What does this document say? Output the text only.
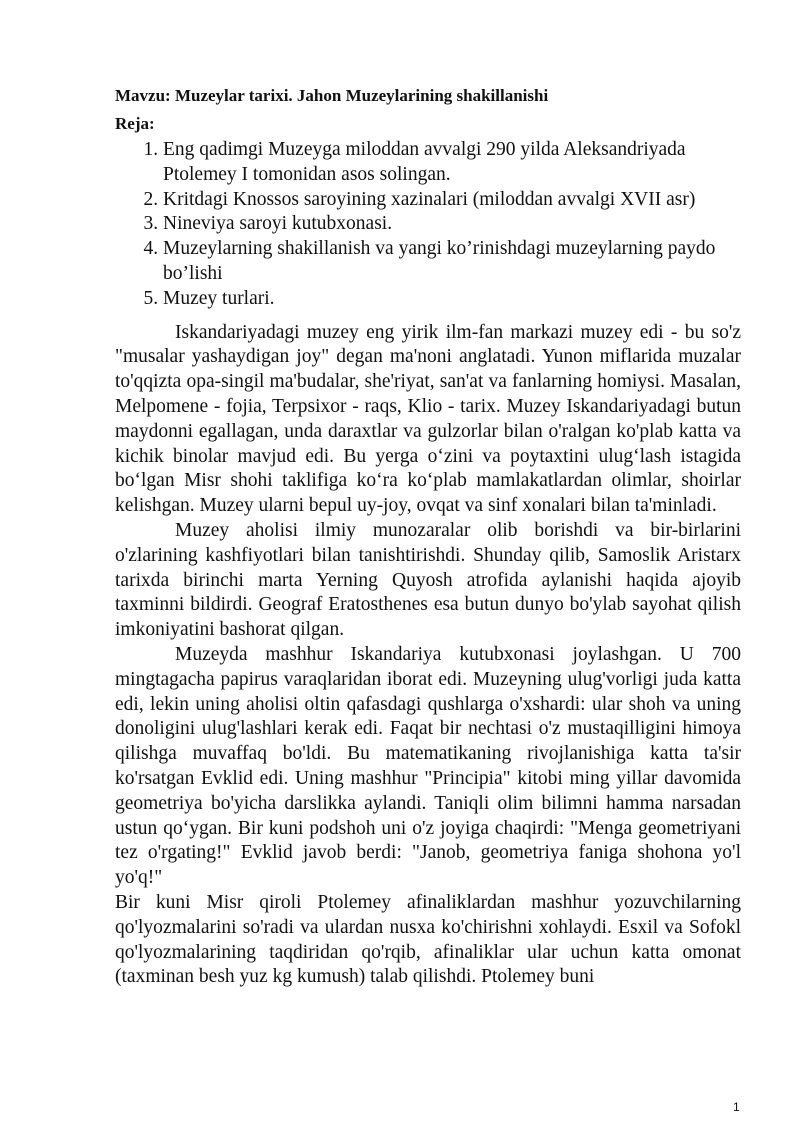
Mavzu: Muzeylar tarixi. Jahon Muzeylarining shakillanishi

Reja:

1. Eng qadimgi Muzeyga miloddan avvalgi 290 yilda Aleksandriyada Ptolemey I tomonidan asos solingan.
2. Kritdagi Knossos saroyining xazinalari (miloddan avvalgi XVII asr)
3. Nineviya saroyi kutubxonasi.
4. Muzeylarning shakillanish va yangi ko’rinishdagi muzeylarning paydo bo’lishi
5. Muzey turlari.

Iskandariyadagi muzey eng yirik ilm-fan markazi muzey edi - bu so'z "musalar yashaydigan joy" degan ma'noni anglatadi. Yunon miflarida muzalar to'qqizta opa-singil ma'budalar, she'riyat, san'at va fanlarning homiysi. Masalan, Melpomene - fojia, Terpsixor - raqs, Klio - tarix. Muzey Iskandariyadagi butun maydonni egallagan, unda daraxtlar va gulzorlar bilan o'ralgan ko'plab katta va kichik binolar mavjud edi. Bu yerga o‘zini va poytaxtini ulug‘lash istagida bo‘lgan Misr shohi taklifiga ko‘ra ko‘plab mamlakatlardan olimlar, shoirlar kelishgan. Muzey ularni bepul uy-joy, ovqat va sinf xonalari bilan ta'minladi.

Muzey aholisi ilmiy munozaralar olib borishdi va bir-birlarini o'zlarining kashfiyotlari bilan tanishtirishdi. Shunday qilib, Samoslik Aristarx tarixda birinchi marta Yerning Quyosh atrofida aylanishi haqida ajoyib taxminni bildirdi. Geograf Eratosthenes esa butun dunyo bo'ylab sayohat qilish imkoniyatini bashorat qilgan.

Muzeyda mashhur Iskandariya kutubxonasi joylashgan. U 700 mingtagacha papirus varaqlaridan iborat edi. Muzeyning ulug'vorligi juda katta edi, lekin uning aholisi oltin qafasdagi qushlarga o'xshardi: ular shoh va uning donoligini ulug'lashlari kerak edi. Faqat bir nechtasi o'z mustaqilligini himoya qilishga muvaffaq bo'ldi. Bu matematikaning rivojlanishiga katta ta'sir ko'rsatgan Evklid edi. Uning mashhur "Principia" kitobi ming yillar davomida geometriya bo'yicha darslikka aylandi. Taniqli olim bilimni hamma narsadan ustun qo‘ygan. Bir kuni podshoh uni o'z joyiga chaqirdi: "Menga geometriyani tez o'rgating!" Evklid javob berdi: "Janob, geometriya faniga shohona yo'l yo'q!"

Bir kuni Misr qiroli Ptolemey afinaliklardan mashhur yozuvchilarning qo'lyozmalarini so'radi va ulardan nusxa ko'chirishni xohlaydi. Esxil va Sofokl qo'lyozmalarining taqdiridan qo'rqib, afinaliklar ular uchun katta omonat (taxminan besh yuz kg kumush) talab qilishdi. Ptolemey buni

1
